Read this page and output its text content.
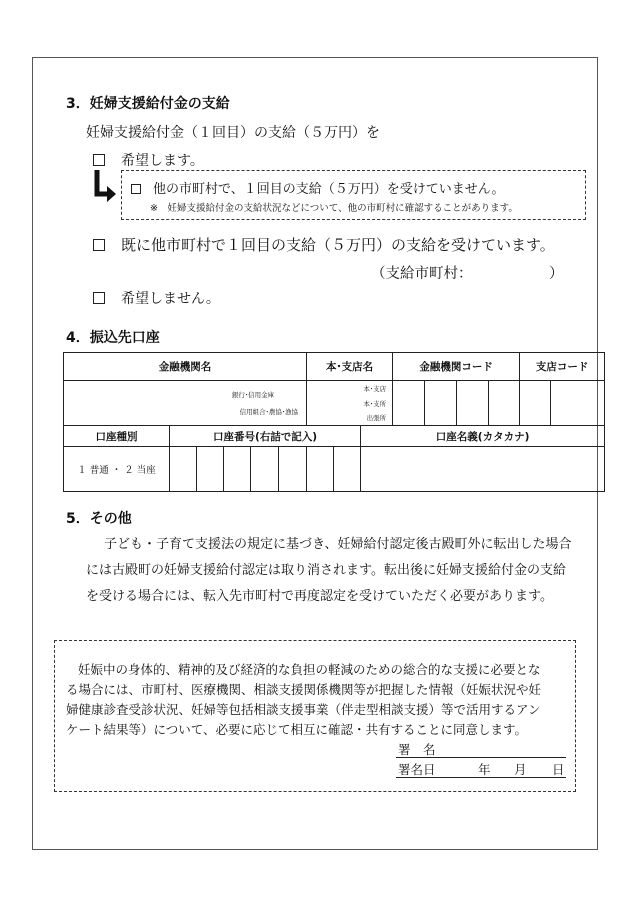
3．妊婦支援給付金の支給
妊婦支援給付金（１回目）の支給（５万円）を
希望します。
他の市町村で、１回目の支給（５万円）を受けていません。
※　妊婦支援給付金の支給状況などについて、他の市町村に確認することがあります。
既に他市町村で１回目の支給（５万円）の支給を受けています。
（支給市町村：	）
希望しません。
4．振込先口座
金融機関名						本･支店名			金融機関コード				支店コード	

銀行･信用金庫
信用組合･農協･漁協						本･支店								
						本･支所								
						出張所								
口座種別	口座番号(右詰で記入)							口座名義(カタカナ)						
１ 普通 ・ ２ 当座														
5．その他
子ども・子育て支援法の規定に基づき、妊婦給付認定後古殿町外に転出した場合
には古殿町の妊婦支援給付認定は取り消されます。転出後に妊婦支援給付金の支給
を受ける場合には、転入先市町村で再度認定を受けていただく必要があります。
妊娠中の身体的、精神的及び経済的な負担の軽減のための総合的な支援に必要とな
る場合には、市町村、医療機関、相談支援関係機関等が把握した情報（妊娠状況や妊
婦健康診査受診状況、妊婦等包括相談支援事業（伴走型相談支援）等で活用するアン
ケート結果等）について、必要に応じて相互に確認・共有することに同意します。
署　名
署名日	年 月 日
